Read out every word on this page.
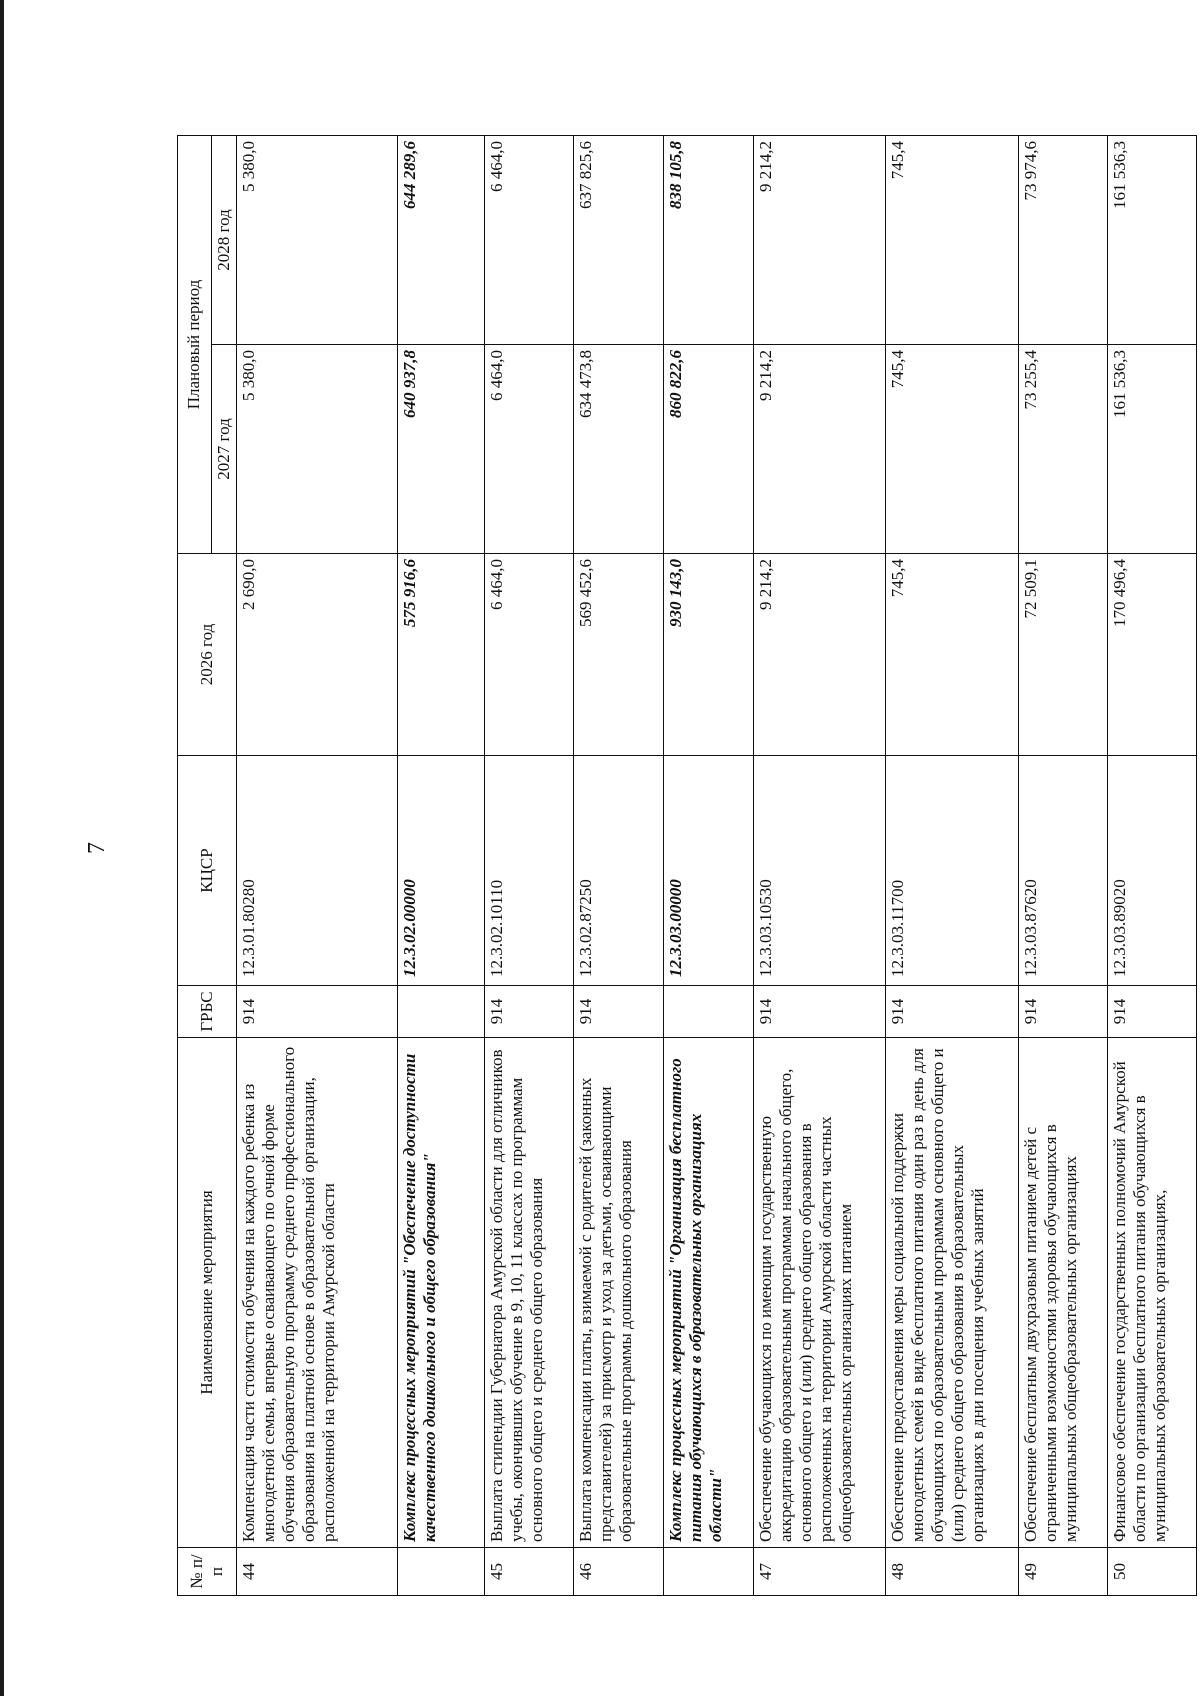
7
№ п/п	Наименование мероприятия	ГРБС	КЦСР	2026 год	Плановый период	
					2027 год	2028 год
44	Компенсация части стоимости обучения на каждого ребенка из многодетной семьи, впервые осваивающего по очной форме обучения образовательную программу среднего профессионального образования на платной основе в образовательной организации, расположенной на территории Амурской области	914	12.3.01.80280	2 690,0	5 380,0	5 380,0
	Комплекс процессных мероприятий "Обеспечение доступности качественного дошкольного и общего образования"		12.3.02.00000	575 916,6	640 937,8	644 289,6
45	Выплата стипендии Губернатора Амурской области для отличников учебы, окончивших обучение в 9, 10, 11 классах по программам основного общего и среднего общего образования	914	12.3.02.10110	6 464,0	6 464,0	6 464,0
46	Выплата компенсации платы, взимаемой с родителей (законных представителей) за присмотр и уход за детьми, осваивающими образовательные программы дошкольного образования	914	12.3.02.87250	569 452,6	634 473,8	637 825,6
	Комплекс процессных мероприятий "Организация бесплатного питания обучающихся в образовательных организациях области"		12.3.03.00000	930 143,0	860 822,6	838 105,8
47	Обеспечение обучающихся по имеющим государственную аккредитацию образовательным программам начального общего, основного общего и (или) среднего общего образования в расположенных на территории Амурской области частных общеобразовательных организациях питанием	914	12.3.03.10530	9 214,2	9 214,2	9 214,2
48	Обеспечение предоставления меры социальной поддержки многодетных семей в виде бесплатного питания один раз в день для обучающихся по образовательным программам основного общего и (или) среднего общего образования в образовательных организациях в дни посещения учебных занятий	914	12.3.03.11700	745,4	745,4	745,4
49	Обеспечение бесплатным двухразовым питанием детей с ограниченными возможностями здоровья обучающихся в муниципальных общеобразовательных организациях	914	12.3.03.87620	72 509,1	73 255,4	73 974,6
50	Финансовое обеспечение государственных полномочий Амурской области по организации бесплатного питания обучающихся в муниципальных образовательных организациях,	914	12.3.03.89020	170 496,4	161 536,3	161 536,3
